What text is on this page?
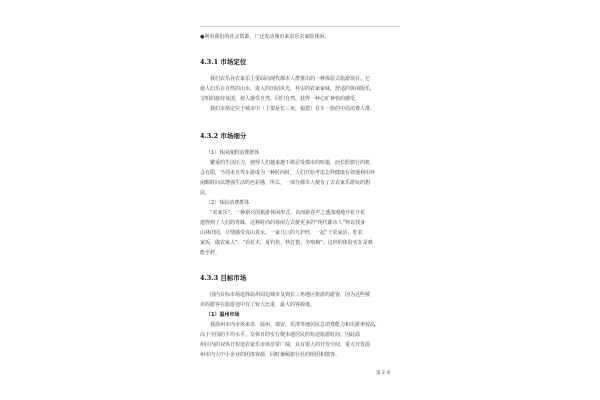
●利用我们的社会资源，广泛发动城市来农乐农家院休闲。

4.3.1 市场定位

我们农乐谷农家乐主要面向现代都市人群推出的一种体验式旅游项目。它

使人们乐在自然的山水，进入的田园风光，朴实的农家家味，舒适的休闲娱乐，

文明的接待氛围，使人感受自然、回归自然、获得一种心旷神怡的感受。

我们市场定位于城市中（主要是长三角，福建）有车一族的中高消费人群。

4.3.2 市场细分

（1）休闲度假消费群体

繁重的生活压力，使得人们越来越不堪忍受都市的喧嚣，而长假旅行的机

会有限，当周末自驾车游成为一种时尚时，人们开始考虑怎样健康有效地利用环

闲暇时间以增强生活的色彩感，所以，一部分都市人便有了去农家乐游玩的想

法。

（2）体验消费群体

“农家乐”，一种新兴的旅游休闲形式，以而新春声之透漾漫地开花开花

遗得到了人们的青睐。这种时尚的休闲方式便更多的“现代都市人”得以找身

山林田园，尽情感受真山真水，一家几口的九护经，一起“干农家活，吃农

家饭，做农家人”，“看花木，夏钓鱼，秋打猎，冬啃梅”；这样的体验实在是难

能至舒。

4.3.3 目标市场

国内目标市场选择温州周边城市及到长三角地区旅游的游客，因为这些城

市的游客在旅游途中有了较大比重，最大的客源地。

（1）温州市场

我温州市内市场来讲，温州、瑞安、乐清等地居民总消费能力和出游率较高，

高于全国的平均水平。交休日的实行便本地居民的短途旅游时间。因此温

州区内的双休日短途农家乐市场非常广阔，具有很大的开发空间。重点开发温

州市内大中小企业的团体客源，同时兼顾旅行社的组团和散客。

第 3 页
